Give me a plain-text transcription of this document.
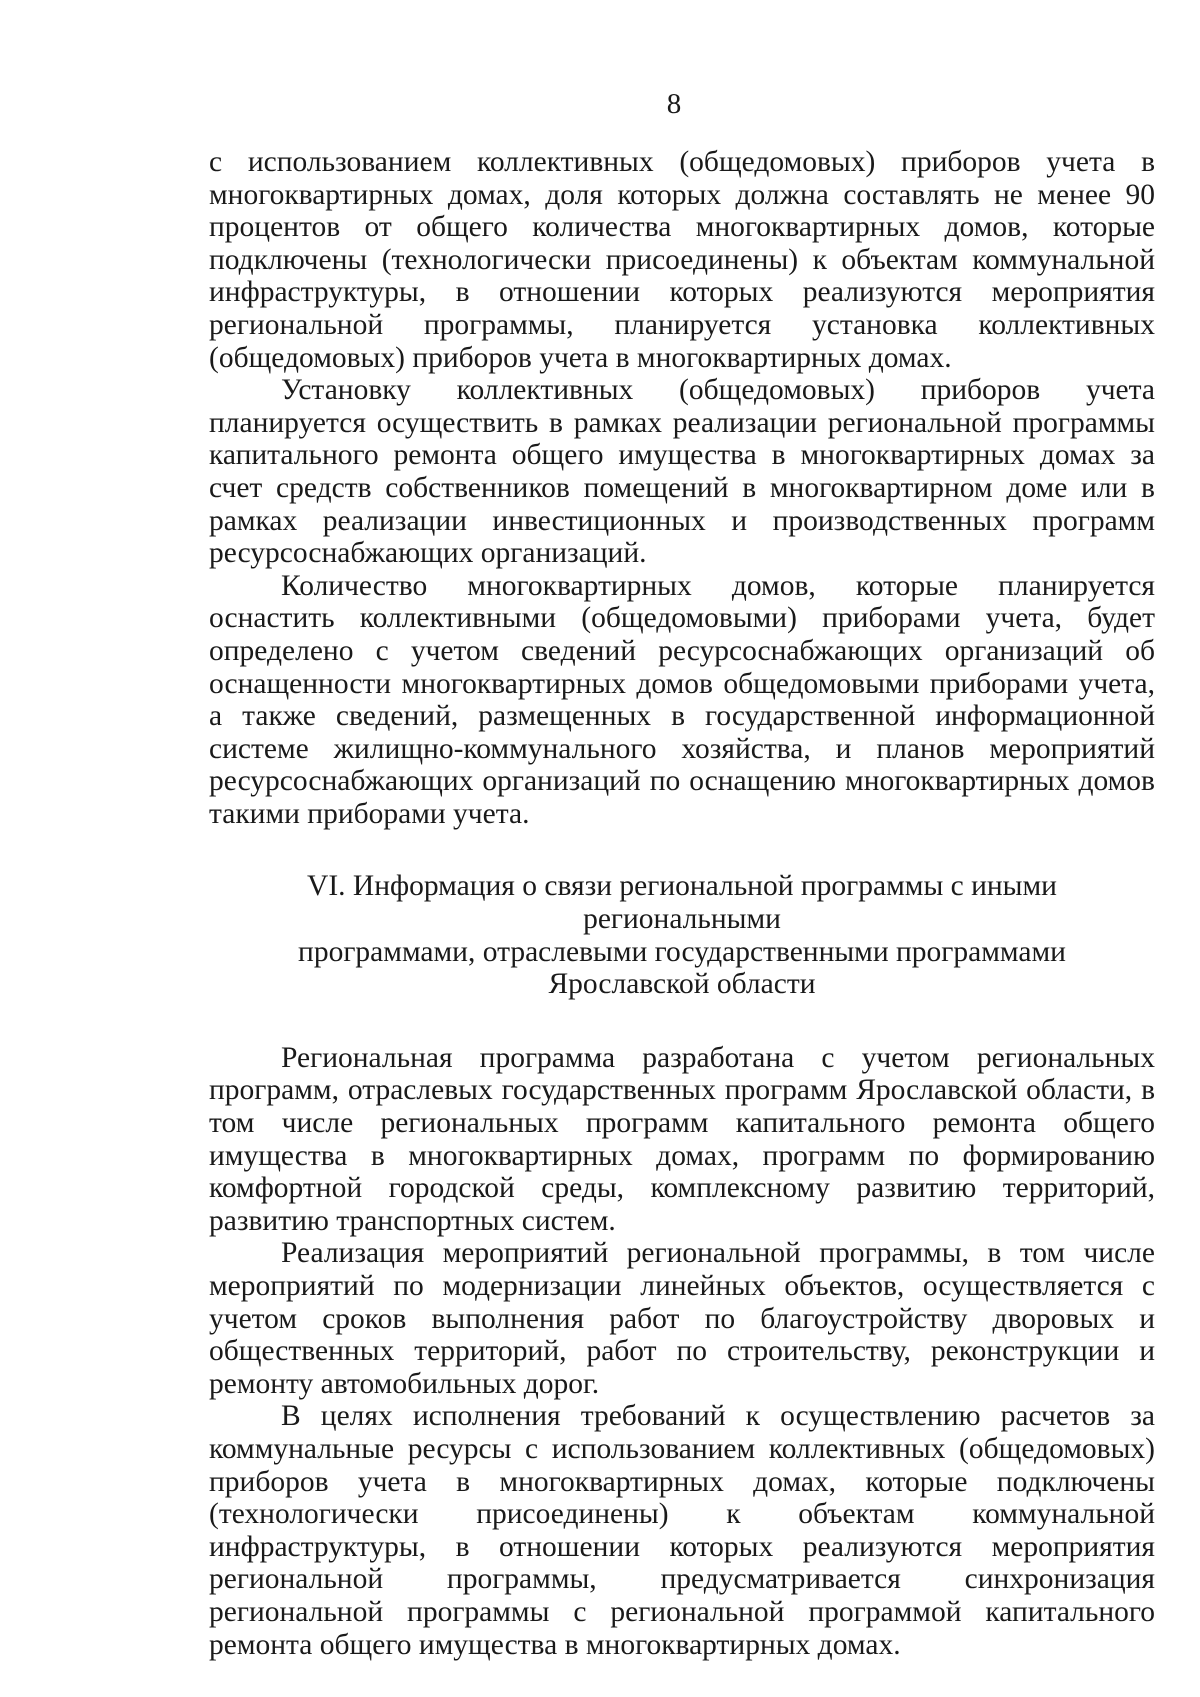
8

с использованием коллективных (общедомовых) приборов учета в многоквартирных домах, доля которых должна составлять не менее 90 процентов от общего количества многоквартирных домов, которые подключены (технологически присоединены) к объектам коммунальной инфраструктуры, в отношении которых реализуются мероприятия региональной программы, планируется установка коллективных (общедомовых) приборов учета в многоквартирных домах.

Установку коллективных (общедомовых) приборов учета планируется осуществить в рамках реализации региональной программы капитального ремонта общего имущества в многоквартирных домах за счет средств собственников помещений в многоквартирном доме или в рамках реализации инвестиционных и производственных программ ресурсоснабжающих организаций.

Количество многоквартирных домов, которые планируется оснастить коллективными (общедомовыми) приборами учета, будет определено с учетом сведений ресурсоснабжающих организаций об оснащенности многоквартирных домов общедомовыми приборами учета, а также сведений, размещенных в государственной информационной системе жилищно-коммунального хозяйства, и планов мероприятий ресурсоснабжающих организаций по оснащению многоквартирных домов такими приборами учета.

VI. Информация о связи региональной программы с иными региональными
программами, отраслевыми государственными программами
Ярославской области

Региональная программа разработана с учетом региональных программ, отраслевых государственных программ Ярославской области, в том числе региональных программ капитального ремонта общего имущества в многоквартирных домах, программ по формированию комфортной городской среды, комплексному развитию территорий, развитию транспортных систем.

Реализация мероприятий региональной программы, в том числе мероприятий по модернизации линейных объектов, осуществляется с учетом сроков выполнения работ по благоустройству дворовых и общественных территорий, работ по строительству, реконструкции и ремонту автомобильных дорог.

В целях исполнения требований к осуществлению расчетов за коммунальные ресурсы с использованием коллективных (общедомовых) приборов учета в многоквартирных домах, которые подключены (технологически присоединены) к объектам коммунальной инфраструктуры, в отношении которых реализуются мероприятия региональной программы, предусматривается синхронизация региональной программы с региональной программой капитального ремонта общего имущества в многоквартирных домах.
